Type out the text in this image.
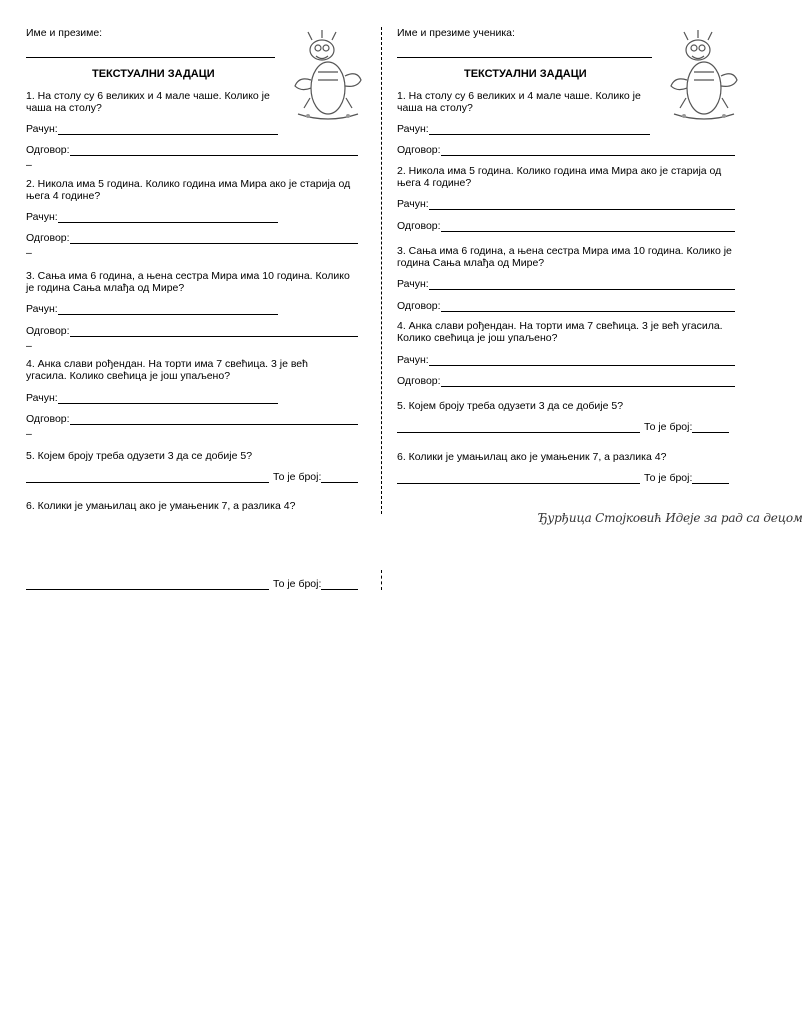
Име и презиме:
ТЕКСТУАЛНИ ЗАДАЦИ
1. На столу су 6 великих и 4 мале чаше. Колико је чаша на столу?
Рачун:
Одговор:
–
2. Никола има 5 година. Колико година има Мира ако је старија од њега 4 године?
Рачун:
Одговор:
–
3. Сања има 6 година, а њена сестра Мира има 10 година. Колико је година Сања млађа од Мире?
Рачун:
Одговор:
–
4. Анка слави рођендан. На торти има 7 свећица. 3 је већ угасила. Колико свећица је још упаљено?
Рачун:
Одговор:
–
5. Којем броју треба одузети 3 да се добије 5?
То је број:
6. Колики је умањилац ако је умањеник 7, а разлика 4?
То је број:
Име и презиме ученика:
ТЕКСТУАЛНИ ЗАДАЦИ
1. На столу су 6 великих и 4 мале чаше. Колико је чаша на столу?
Рачун:
Одговор:
2. Никола има 5 година. Колико година има Мира ако је старија од њега 4 године?
Рачун:
Одговор:
3. Сања има 6 година, а њена сестра Мира има 10 година. Колико је година Сања млађа од Мире?
Рачун:
Одговор:
4. Анка слави рођендан. На торти има 7 свећица. 3 је већ угасила. Колико свећица је још упаљено?
Рачун:
Одговор:
5. Којем броју треба одузети 3 да се добије 5?
То је број:
6. Колики је умањилац ако је умањеник 7, а разлика 4?
То је број:
Ђурђица Стојковић Идеје за рад са децом
